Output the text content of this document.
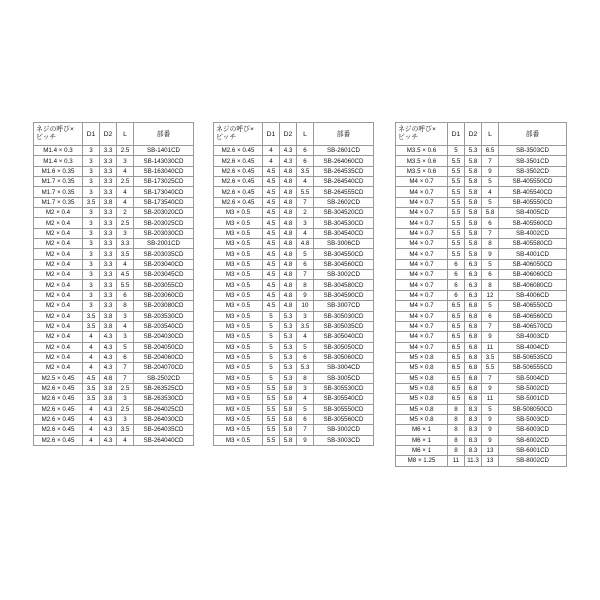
ネジの呼び×
ピッチ	D1	D2	L	部番
M1.4 × 0.3	3	3.3	2.5	SB-1401CD
M1.4 × 0.3	3	3.3	3	SB-143030CD
M1.6 × 0.35	3	3.3	4	SB-163040CD
M1.7 × 0.35	3	3.3	2.5	SB-173025CD
M1.7 × 0.35	3	3.3	4	SB-173040CD
M1.7 × 0.35	3.5	3.8	4	SB-173540CD
M2 × 0.4	3	3.3	2	SB-203020CD
M2 × 0.4	3	3.3	2.5	SB-203025CD
M2 × 0.4	3	3.3	3	SB-203030CD
M2 × 0.4	3	3.3	3.3	SB-2001CD
M2 × 0.4	3	3.3	3.5	SB-203035CD
M2 × 0.4	3	3.3	4	SB-203040CD
M2 × 0.4	3	3.3	4.5	SB-203045CD
M2 × 0.4	3	3.3	5.5	SB-203055CD
M2 × 0.4	3	3.3	6	SB-203060CD
M2 × 0.4	3	3.3	8	SB-203080CD
M2 × 0.4	3.5	3.8	3	SB-203530CD
M2 × 0.4	3.5	3.8	4	SB-203540CD
M2 × 0.4	4	4.3	3	SB-204030CD
M2 × 0.4	4	4.3	5	SB-204050CD
M2 × 0.4	4	4.3	6	SB-204060CD
M2 × 0.4	4	4.3	7	SB-204070CD
M2.5 × 0.45	4.5	4.8	7	SB-2502CD
M2.6 × 0.45	3.5	3.8	2.5	SB-263525CD
M2.6 × 0.45	3.5	3.8	3	SB-263530CD
M2.6 × 0.45	4	4.3	2.5	SB-264025CD
M2.6 × 0.45	4	4.3	3	SB-264030CD
M2.6 × 0.45	4	4.3	3.5	SB-264035CD
M2.6 × 0.45	4	4.3	4	SB-264040CD
ネジの呼び×
ピッチ	D1	D2	L	部番
M2.6 × 0.45	4	4.3	6	SB-2601CD
M2.6 × 0.45	4	4.3	6	SB-264060CD
M2.6 × 0.45	4.5	4.8	3.5	SB-264535CD
M2.6 × 0.45	4.5	4.8	4	SB-264540CD
M2.6 × 0.45	4.5	4.8	5.5	SB-264555CD
M2.6 × 0.45	4.5	4.8	7	SB-2602CD
M3 × 0.5	4.5	4.8	2	SB-304520CD
M3 × 0.5	4.5	4.8	3	SB-304530CD
M3 × 0.5	4.5	4.8	4	SB-304540CD
M3 × 0.5	4.5	4.8	4.8	SB-3006CD
M3 × 0.5	4.5	4.8	5	SB-304550CD
M3 × 0.5	4.5	4.8	6	SB-304560CD
M3 × 0.5	4.5	4.8	7	SB-3002CD
M3 × 0.5	4.5	4.8	8	SB-304580CD
M3 × 0.5	4.5	4.8	9	SB-304590CD
M3 × 0.5	4.5	4.8	10	SB-3007CD
M3 × 0.5	5	5.3	3	SB-305030CD
M3 × 0.5	5	5.3	3.5	SB-305035CD
M3 × 0.5	5	5.3	4	SB-305040CD
M3 × 0.5	5	5.3	5	SB-305050CD
M3 × 0.5	5	5.3	6	SB-305060CD
M3 × 0.5	5	5.3	5.3	SB-3004CD
M3 × 0.5	5	5.3	8	SB-3005CD
M3 × 0.5	5.5	5.8	3	SB-305530CD
M3 × 0.5	5.5	5.8	4	SB-305540CD
M3 × 0.5	5.5	5.8	5	SB-305550CD
M3 × 0.5	5.5	5.8	6	SB-305560CD
M3 × 0.5	5.5	5.8	7	SB-3002CD
M3 × 0.5	5.5	5.8	9	SB-3003CD
ネジの呼び×
ピッチ	D1	D2	L	部番
M3.5 × 0.6	5	5.3	6.5	SB-3503CD
M3.5 × 0.6	5.5	5.8	7	SB-3501CD
M3.5 × 0.6	5.5	5.8	9	SB-3502CD
M4 × 0.7	5.5	5.8	5	SB-405550CD
M4 × 0.7	5.5	5.8	4	SB-405540CD
M4 × 0.7	5.5	5.8	5	SB-405550CD
M4 × 0.7	5.5	5.8	5.8	SB-4005CD
M4 × 0.7	5.5	5.8	6	SB-405560CD
M4 × 0.7	5.5	5.8	7	SB-4002CD
M4 × 0.7	5.5	5.8	8	SB-405580CD
M4 × 0.7	5.5	5.8	9	SB-4001CD
M4 × 0.7	6	6.3	5	SB-406050CD
M4 × 0.7	6	6.3	6	SB-406060CD
M4 × 0.7	6	6.3	8	SB-406080CD
M4 × 0.7	6	6.3	12	SB-4006CD
M4 × 0.7	6.5	6.8	5	SB-406550CD
M4 × 0.7	6.5	6.8	6	SB-406560CD
M4 × 0.7	6.5	6.8	7	SB-406570CD
M4 × 0.7	6.5	6.8	9	SB-4003CD
M4 × 0.7	6.5	6.8	11	SB-4004CD
M5 × 0.8	6.5	6.8	3.5	SB-506535CD
M5 × 0.8	6.5	6.8	5.5	SB-506555CD
M5 × 0.8	6.5	6.8	7	SB-5004CD
M5 × 0.8	6.5	6.8	9	SB-5002CD
M5 × 0.8	6.5	6.8	11	SB-5001CD
M5 × 0.8	8	8.3	5	SB-508050CD
M5 × 0.8	8	8.3	9	SB-5003CD
M6 × 1	8	8.3	9	SB-6003CD
M6 × 1	8	8.3	9	SB-6002CD
M6 × 1	8	8.3	13	SB-6001CD
M8 × 1.25	11	11.3	13	SB-8002CD
